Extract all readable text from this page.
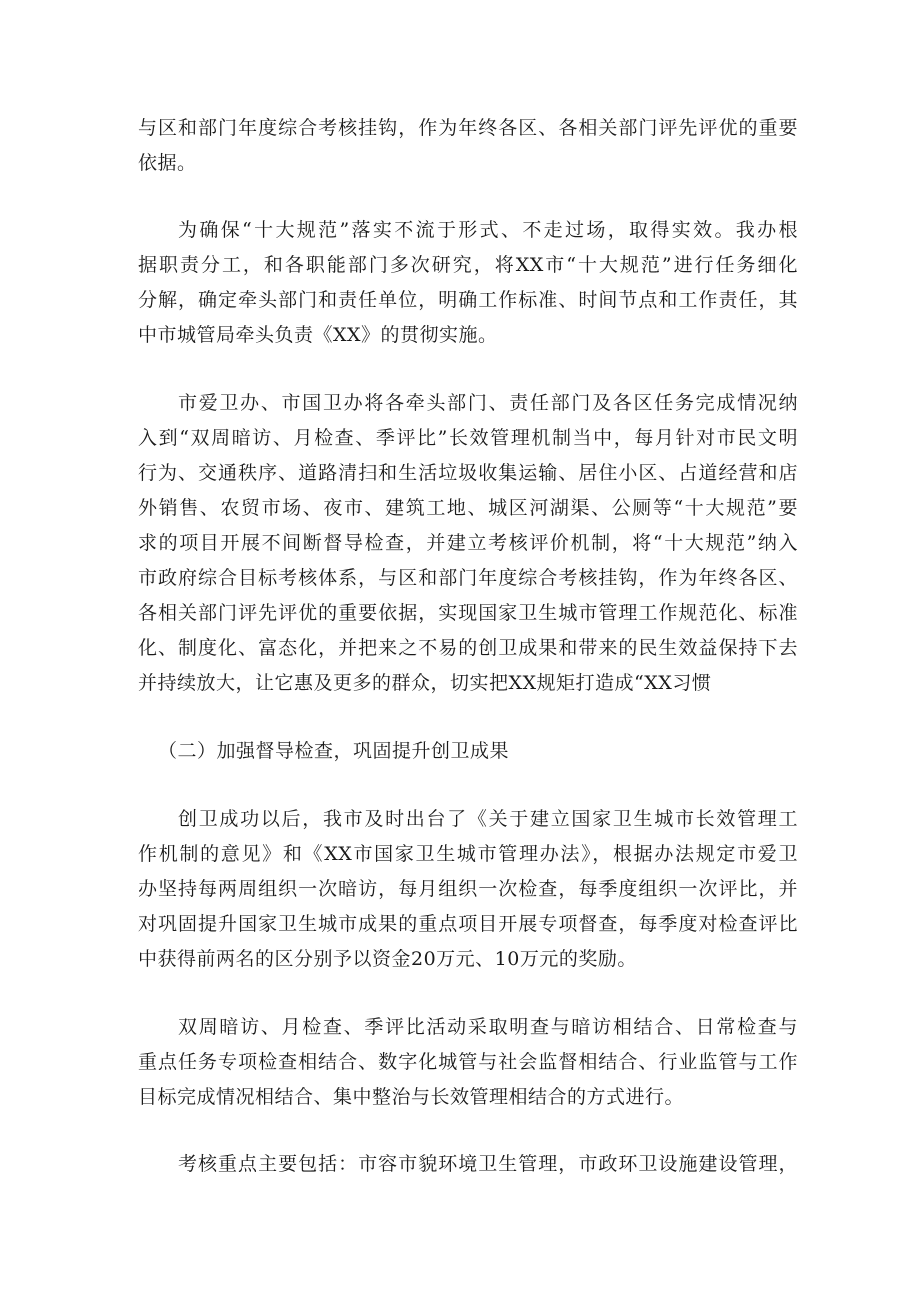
与区和部门年度综合考核挂钩，作为年终各区、各相关部门评先评优的重要
依据。
为确保“十大规范”落实不流于形式、不走过场，取得实效。我办根
据职责分工，和各职能部门多次研究，将XX市“十大规范”进行任务细化
分解，确定牵头部门和责任单位，明确工作标准、时间节点和工作责任，其
中市城管局牵头负责《XX》的贯彻实施。
市爱卫办、市国卫办将各牵头部门、责任部门及各区任务完成情况纳
入到“双周暗访、月检查、季评比”长效管理机制当中，每月针对市民文明
行为、交通秩序、道路清扫和生活垃圾收集运输、居住小区、占道经营和店
外销售、农贸市场、夜市、建筑工地、城区河湖渠、公厕等“十大规范”要
求的项目开展不间断督导检查，并建立考核评价机制，将“十大规范”纳入
市政府综合目标考核体系，与区和部门年度综合考核挂钩，作为年终各区、
各相关部门评先评优的重要依据，实现国家卫生城市管理工作规范化、标准
化、制度化、富态化，并把来之不易的创卫成果和带来的民生效益保持下去
并持续放大，让它惠及更多的群众，切实把XX规矩打造成“XX习惯
（二）加强督导检查，巩固提升创卫成果
创卫成功以后，我市及时出台了《关于建立国家卫生城市长效管理工
作机制的意见》和《XX市国家卫生城市管理办法》，根据办法规定市爱卫
办坚持每两周组织一次暗访，每月组织一次检查，每季度组织一次评比，并
对巩固提升国家卫生城市成果的重点项目开展专项督查，每季度对检查评比
中获得前两名的区分别予以资金20万元、10万元的奖励。
双周暗访、月检查、季评比活动采取明查与暗访相结合、日常检查与
重点任务专项检查相结合、数字化城管与社会监督相结合、行业监管与工作
目标完成情况相结合、集中整治与长效管理相结合的方式进行。
考核重点主要包括：市容市貌环境卫生管理，市政环卫设施建设管理，
